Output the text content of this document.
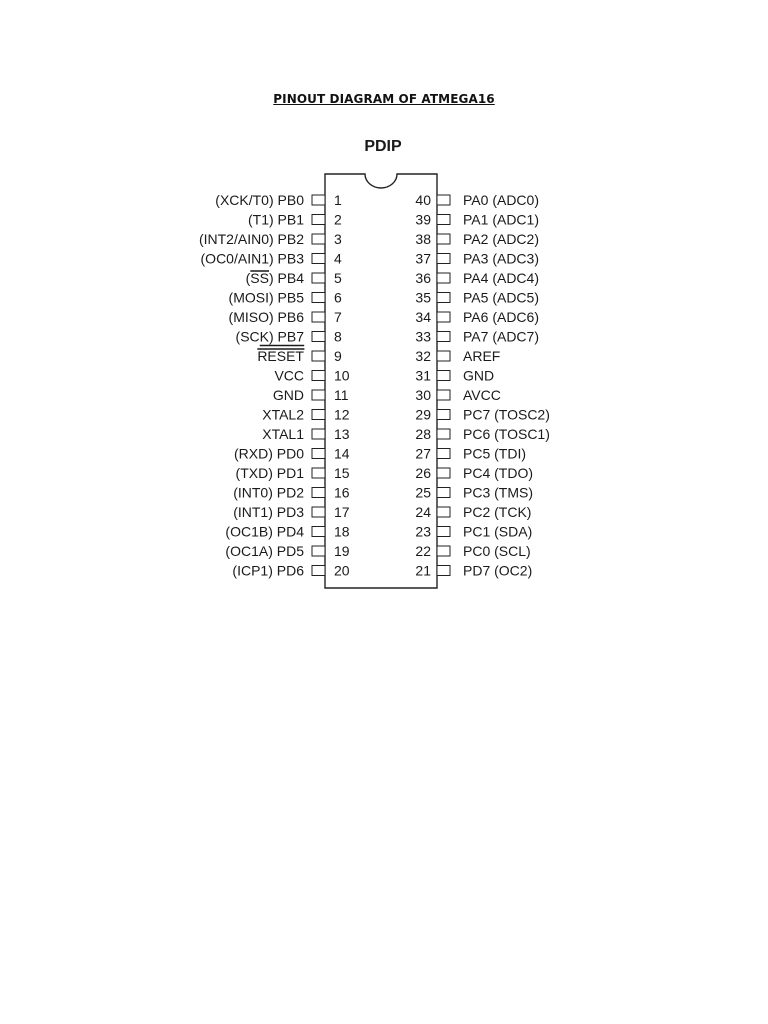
PINOUT DIAGRAM OF ATMEGA16
PDIP
1
(XCK/T0) PB0
2
(T1) PB1
3
(INT2/AIN0) PB2
4
(OC0/AIN1) PB3
5
(SS) PB4
6
(MOSI) PB5
7
(MISO) PB6
8
(SCK) PB7
9
RESET
10
VCC
11
GND
12
XTAL2
13
XTAL1
14
(RXD) PD0
15
(TXD) PD1
16
(INT0) PD2
17
(INT1) PD3
18
(OC1B) PD4
19
(OC1A) PD5
20
(ICP1) PD6
40 PA0 (ADC0)
39 PA1 (ADC1)
38 PA2 (ADC2)
37 PA3 (ADC3)
36 PA4 (ADC4)
35 PA5 (ADC5)
34 PA6 (ADC6)
33 PA7 (ADC7)
32 AREF
31 GND
30 AVCC
29 PC7 (TOSC2)
28 PC6 (TOSC1)
27 PC5 (TDI)
26 PC4 (TDO)
25 PC3 (TMS)
24 PC2 (TCK)
23 PC1 (SDA)
22 PC0 (SCL)
21 PD7 (OC2)
